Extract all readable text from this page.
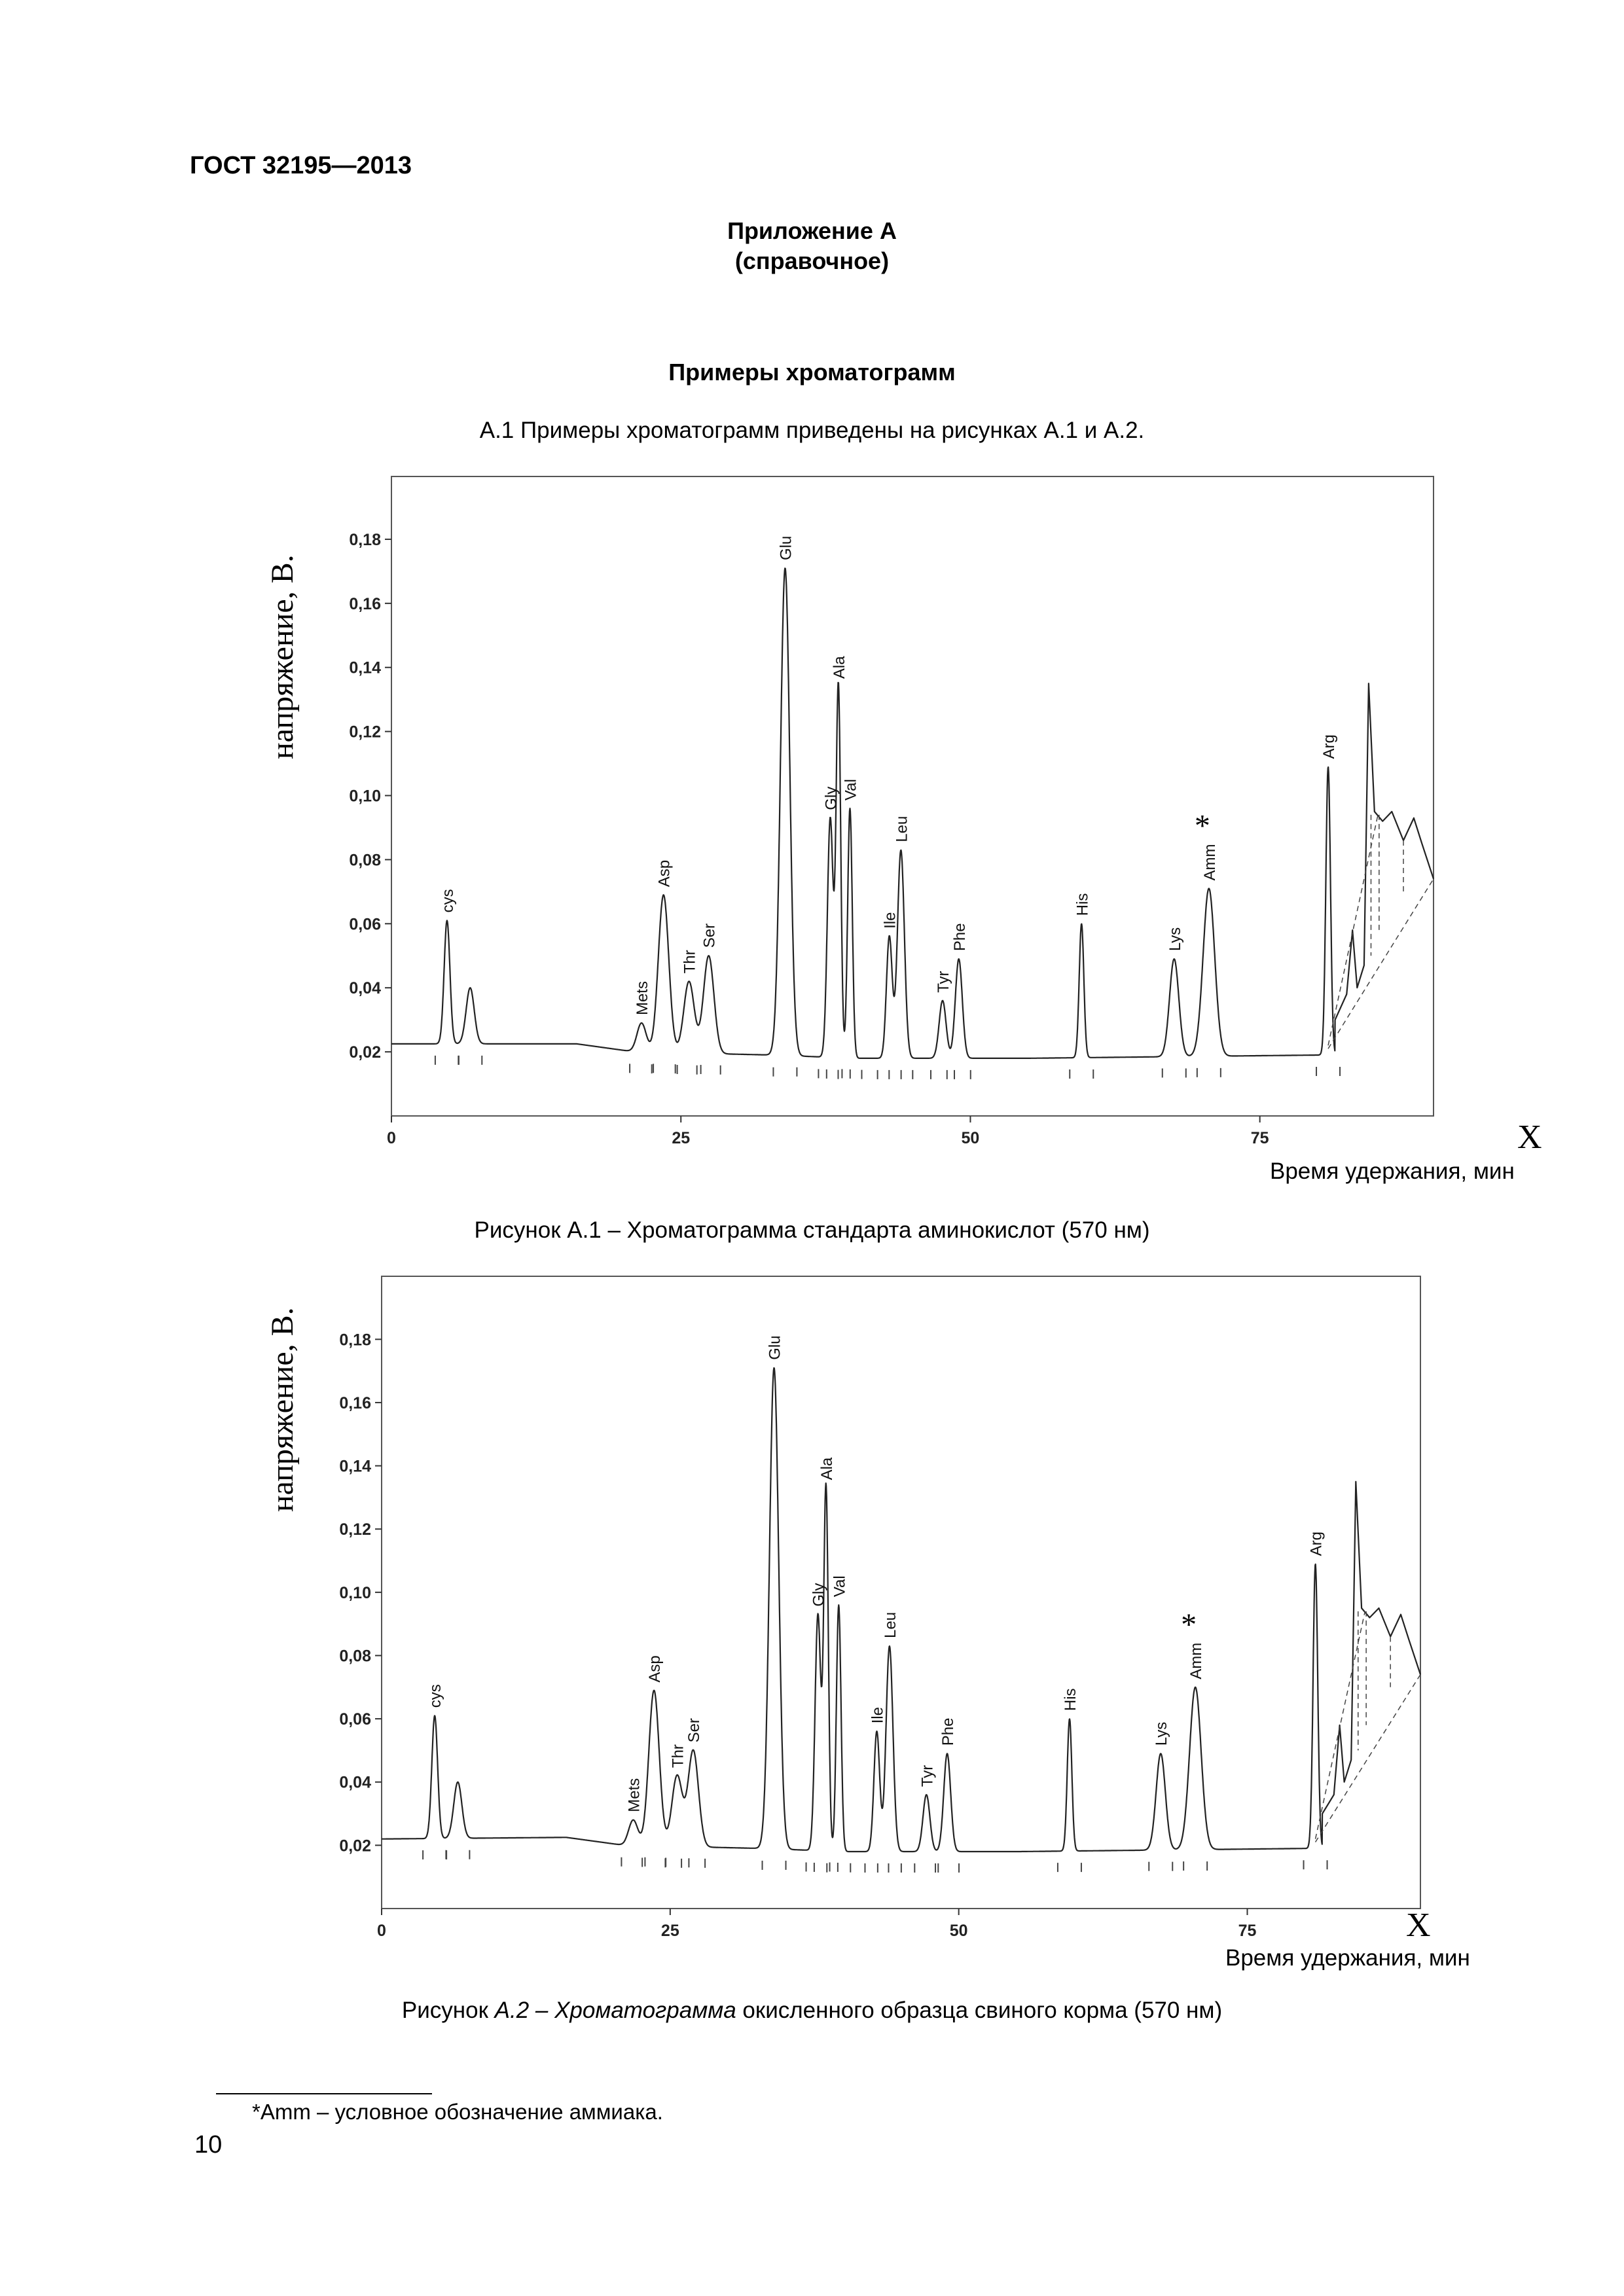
ГОСТ 32195—2013
Приложение А
(справочное)
Примеры хроматограмм
А.1 Примеры хроматограмм приведены на рисунках А.1 и А.2.
напряжение, В.
0,02
0,04
0,06
0,08
0,10
0,12
0,14
0,16
0,18
0	25	50	75
cys
Mets
Asp
Thr
Ser
Glu
Gly
Ala
Val
Ile
Leu
Tyr
Phe
His
Lys
Amm
*
Arg
X
Время удержания, мин
Рисунок А.1 – Хроматограмма стандарта аминокислот (570 нм)
напряжение, В.
0,02
0,04
0,06
0,08
0,10
0,12
0,14
0,16
0,18
0	25	50	75
cys
Mets
Asp
Thr
Ser
Glu
Gly
Ala
Val
Ile
Leu
Tyr
Phe
His
Lys
Amm
*
Arg
X
Время удержания, мин
Рисунок А.2 – Хроматограмма окисленного образца свиного корма (570 нм)
*Amm – условное обозначение аммиака.
10
